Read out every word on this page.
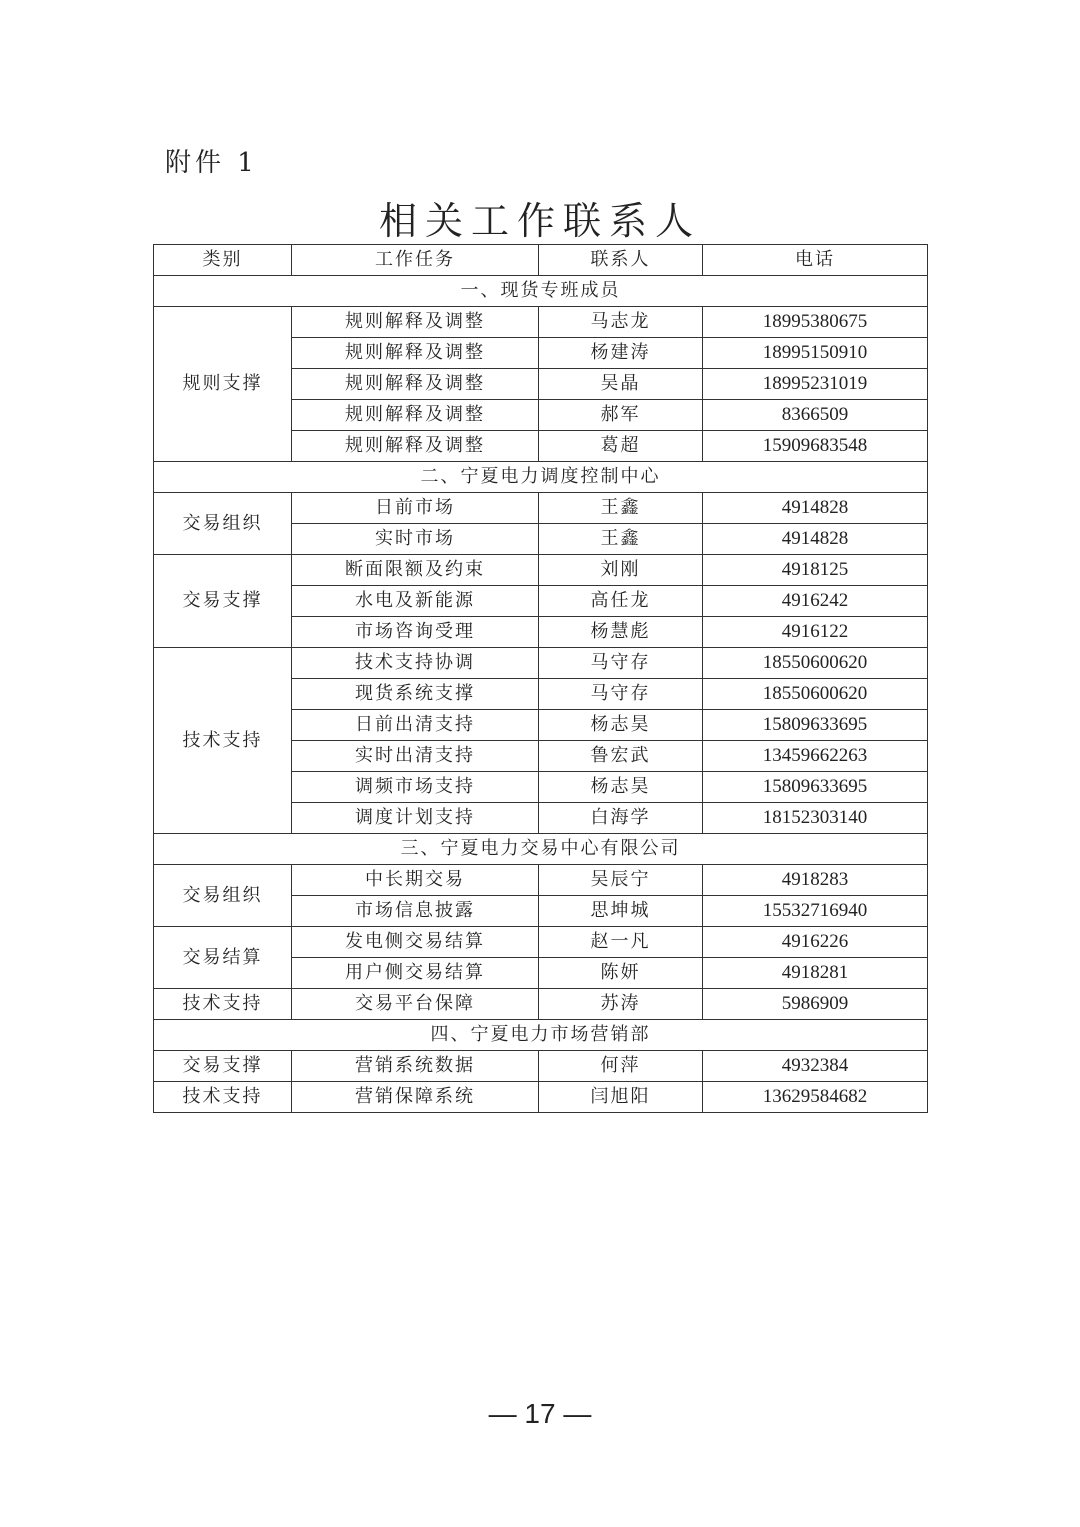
附件 1
相关工作联系人
类别	工作任务	联系人	电话
一、现货专班成员			
规则支撑	规则解释及调整	马志龙	18995380675
	规则解释及调整	杨建涛	18995150910
	规则解释及调整	吴晶	18995231019
	规则解释及调整	郝军	8366509
	规则解释及调整	葛超	15909683548
二、宁夏电力调度控制中心			
交易组织	日前市场	王鑫	4914828
	实时市场	王鑫	4914828
交易支撑	断面限额及约束	刘刚	4918125
	水电及新能源	高任龙	4916242
	市场咨询受理	杨慧彪	4916122
技术支持	技术支持协调	马守存	18550600620
	现货系统支撑	马守存	18550600620
	日前出清支持	杨志昊	15809633695
	实时出清支持	鲁宏武	13459662263
	调频市场支持	杨志昊	15809633695
	调度计划支持	白海学	18152303140
三、宁夏电力交易中心有限公司			
交易组织	中长期交易	吴辰宁	4918283
	市场信息披露	思坤城	15532716940
交易结算	发电侧交易结算	赵一凡	4916226
	用户侧交易结算	陈妍	4918281
技术支持	交易平台保障	苏涛	5986909
四、宁夏电力市场营销部			
交易支撑	营销系统数据	何萍	4932384
技术支持	营销保障系统	闫旭阳	13629584682
— 17 —
